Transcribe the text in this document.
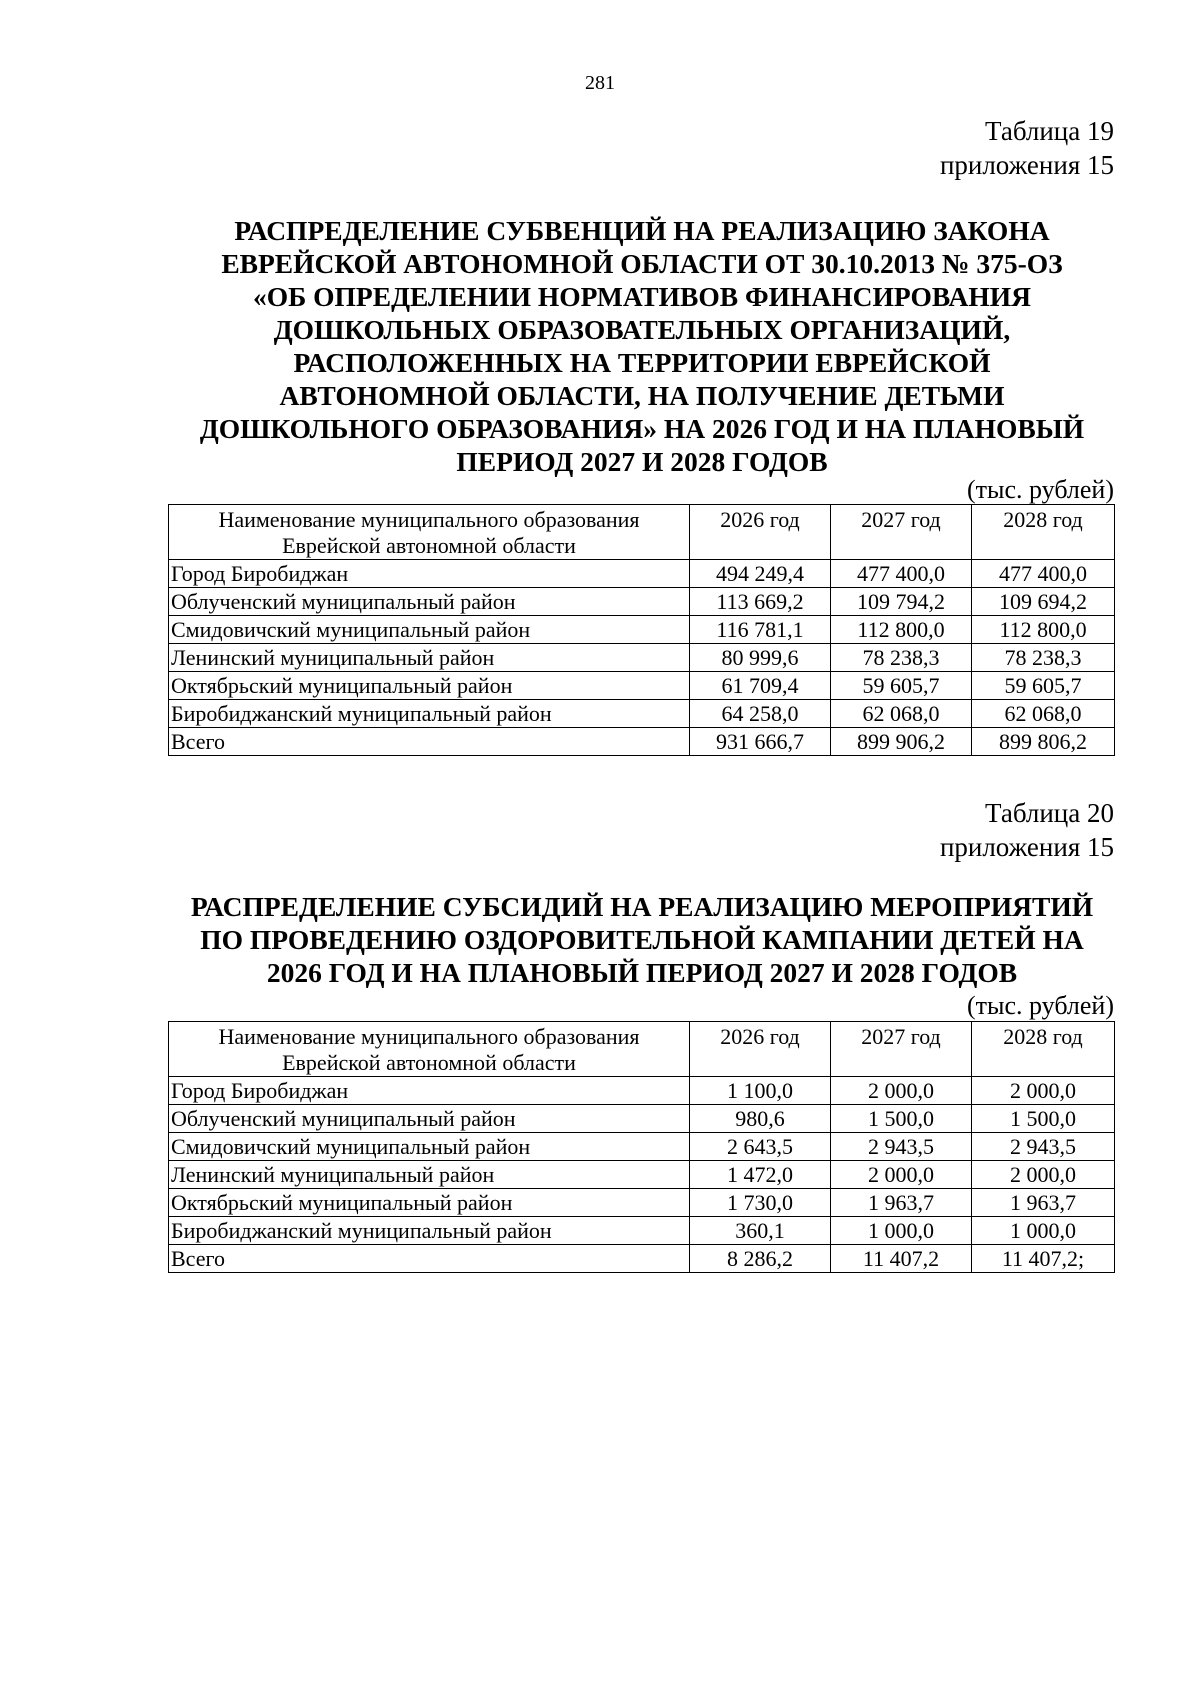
281
Таблица 19
приложения 15
РАСПРЕДЕЛЕНИЕ СУБВЕНЦИЙ НА РЕАЛИЗАЦИЮ ЗАКОНА
ЕВРЕЙСКОЙ АВТОНОМНОЙ ОБЛАСТИ ОТ 30.10.2013 № 375-ОЗ
«ОБ ОПРЕДЕЛЕНИИ НОРМАТИВОВ ФИНАНСИРОВАНИЯ
ДОШКОЛЬНЫХ ОБРАЗОВАТЕЛЬНЫХ ОРГАНИЗАЦИЙ,
РАСПОЛОЖЕННЫХ НА ТЕРРИТОРИИ ЕВРЕЙСКОЙ
АВТОНОМНОЙ ОБЛАСТИ, НА ПОЛУЧЕНИЕ ДЕТЬМИ
ДОШКОЛЬНОГО ОБРАЗОВАНИЯ» НА 2026 ГОД И НА ПЛАНОВЫЙ
ПЕРИОД 2027 И 2028 ГОДОВ
(тыс. рублей)
Наименование муниципального образования
Еврейской автономной области	2026 год	2027 год	2028 год
Город Биробиджан	494 249,4	477 400,0	477 400,0
Облученский муниципальный район	113 669,2	109 794,2	109 694,2
Смидовичский муниципальный район	116 781,1	112 800,0	112 800,0
Ленинский муниципальный район	80 999,6	78 238,3	78 238,3
Октябрьский муниципальный район	61 709,4	59 605,7	59 605,7
Биробиджанский муниципальный район	64 258,0	62 068,0	62 068,0
Всего	931 666,7	899 906,2	899 806,2
Таблица 20
приложения 15
РАСПРЕДЕЛЕНИЕ СУБСИДИЙ НА РЕАЛИЗАЦИЮ МЕРОПРИЯТИЙ
ПО ПРОВЕДЕНИЮ ОЗДОРОВИТЕЛЬНОЙ КАМПАНИИ ДЕТЕЙ НА
2026 ГОД И НА ПЛАНОВЫЙ ПЕРИОД 2027 И 2028 ГОДОВ
(тыс. рублей)
Наименование муниципального образования
Еврейской автономной области	2026 год	2027 год	2028 год
Город Биробиджан	1 100,0	2 000,0	2 000,0
Облученский муниципальный район	980,6	1 500,0	1 500,0
Смидовичский муниципальный район	2 643,5	2 943,5	2 943,5
Ленинский муниципальный район	1 472,0	2 000,0	2 000,0
Октябрьский муниципальный район	1 730,0	1 963,7	1 963,7
Биробиджанский муниципальный район	360,1	1 000,0	1 000,0
Всего	8 286,2	11 407,2	11 407,2;
